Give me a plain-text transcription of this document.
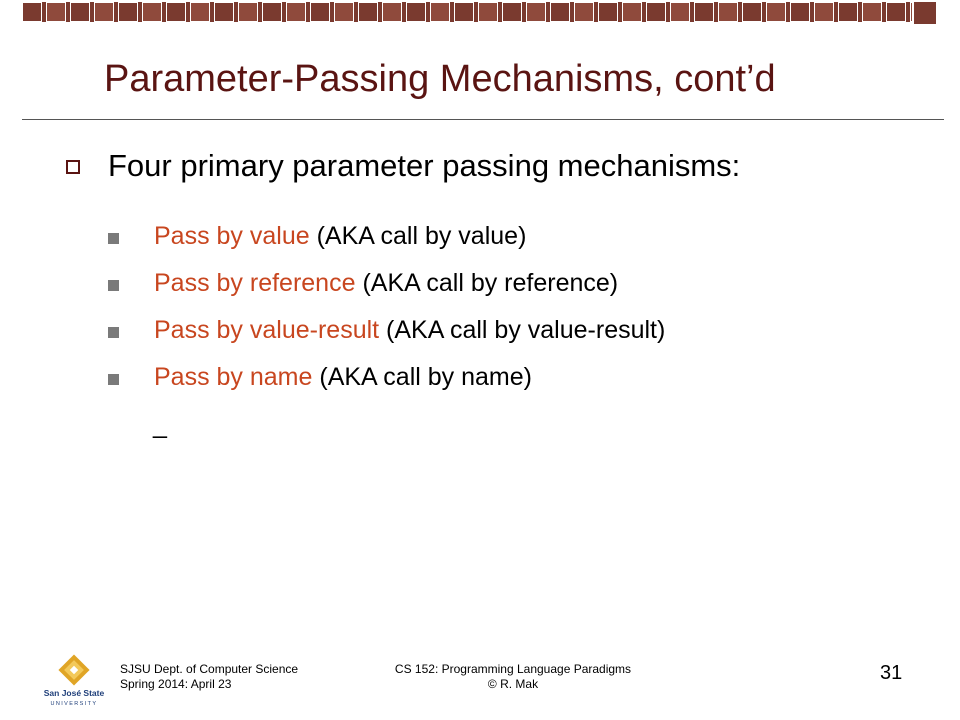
Parameter-Passing Mechanisms, cont’d
Four primary parameter passing mechanisms:
Pass by value (AKA call by value)
Pass by reference (AKA call by reference)
Pass by value-result (AKA call by value-result)
Pass by name (AKA call by name)
_
San José State
UNIVERSITY
SJSU Dept. of Computer Science
Spring 2014: April 23
CS 152: Programming Language Paradigms
© R. Mak	31
